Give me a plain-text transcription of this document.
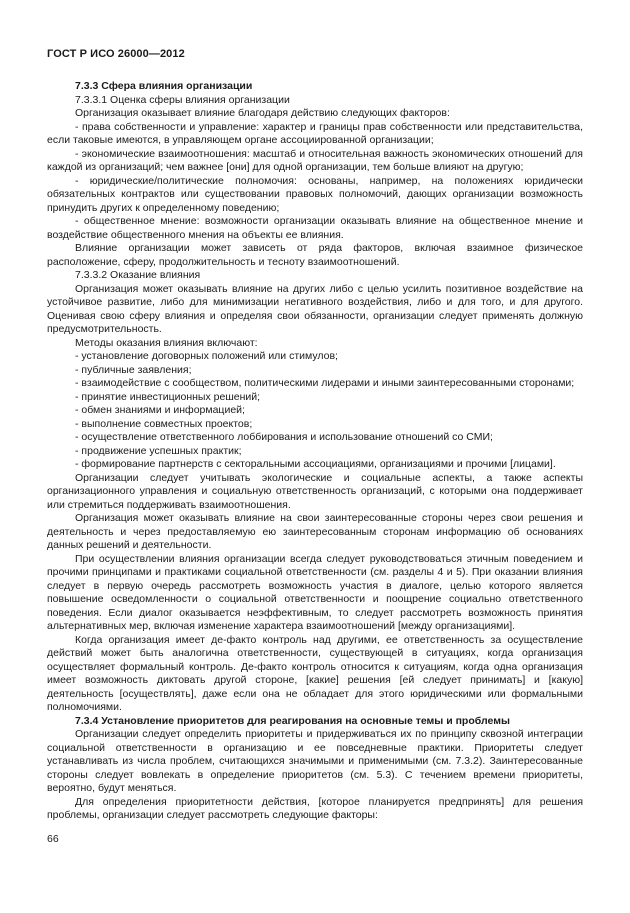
ГОСТ Р ИСО 26000—2012

7.3.3 Сфера влияния организации

7.3.3.1 Оценка сферы влияния организации

Организация оказывает влияние благодаря действию следующих факторов:

- права собственности и управление: характер и границы прав собственности или представительства, если таковые имеются, в управляющем органе ассоциированной организации;

- экономические взаимоотношения: масштаб и относительная важность экономических отношений для каждой из организаций; чем важнее [они] для одной организации, тем больше влияют на другую;

- юридические/политические полномочия: основаны, например, на положениях юридически обязательных контрактов или существовании правовых полномочий, дающих организации возможность принудить других к определенному поведению;

- общественное мнение: возможности организации оказывать влияние на общественное мнение и воздействие общественного мнения на объекты ее влияния.

Влияние организации может зависеть от ряда факторов, включая взаимное физическое расположение, сферу, продолжительность и тесноту взаимоотношений.

7.3.3.2 Оказание влияния

Организация может оказывать влияние на других либо с целью усилить позитивное воздействие на устойчивое развитие, либо для минимизации негативного воздействия, либо и для того, и для другого. Оценивая свою сферу влияния и определяя свои обязанности, организации следует применять должную предусмотрительность.

Методы оказания влияния включают:

- установление договорных положений или стимулов;

- публичные заявления;

- взаимодействие с сообществом, политическими лидерами и иными заинтересованными сторонами;

- принятие инвестиционных решений;

- обмен знаниями и информацией;

- выполнение совместных проектов;

- осуществление ответственного лоббирования и использование отношений со СМИ;

- продвижение успешных практик;

- формирование партнерств с секторальными ассоциациями, организациями и прочими [лицами].

Организации следует учитывать экологические и социальные аспекты, а также аспекты организационного управления и социальную ответственность организаций, с которыми она поддерживает или стремиться поддерживать взаимоотношения.

Организация может оказывать влияние на свои заинтересованные стороны через свои решения и деятельность и через предоставляемую ею заинтересованным сторонам информацию об основаниях данных решений и деятельности.

При осуществлении влияния организации всегда следует руководствоваться этичным поведением и прочими принципами и практиками социальной ответственности (см. разделы 4 и 5). При оказании влияния следует в первую очередь рассмотреть возможность участия в диалоге, целью которого является повышение осведомленности о социальной ответственности и поощрение социально ответственного поведения. Если диалог оказывается неэффективным, то следует рассмотреть возможность принятия альтернативных мер, включая изменение характера взаимоотношений [между организациями].

Когда организация имеет де-факто контроль над другими, ее ответственность за осуществление действий может быть аналогична ответственности, существующей в ситуациях, когда организация осуществляет формальный контроль. Де-факто контроль относится к ситуациям, когда одна организация имеет возможность диктовать другой стороне, [какие] решения [ей следует принимать] и [какую] деятельность [осуществлять], даже если она не обладает для этого юридическими или формальными полномочиями.

7.3.4 Установление приоритетов для реагирования на основные темы и проблемы

Организации следует определить приоритеты и придерживаться их по принципу сквозной интеграции социальной ответственности в организацию и ее повседневные практики. Приоритеты следует устанавливать из числа проблем, считающихся значимыми и применимыми (см. 7.3.2). Заинтересованные стороны следует вовлекать в определение приоритетов (см. 5.3). С течением времени приоритеты, вероятно, будут меняться.

Для определения приоритетности действия, [которое планируется предпринять] для решения проблемы, организации следует рассмотреть следующие факторы:

66
